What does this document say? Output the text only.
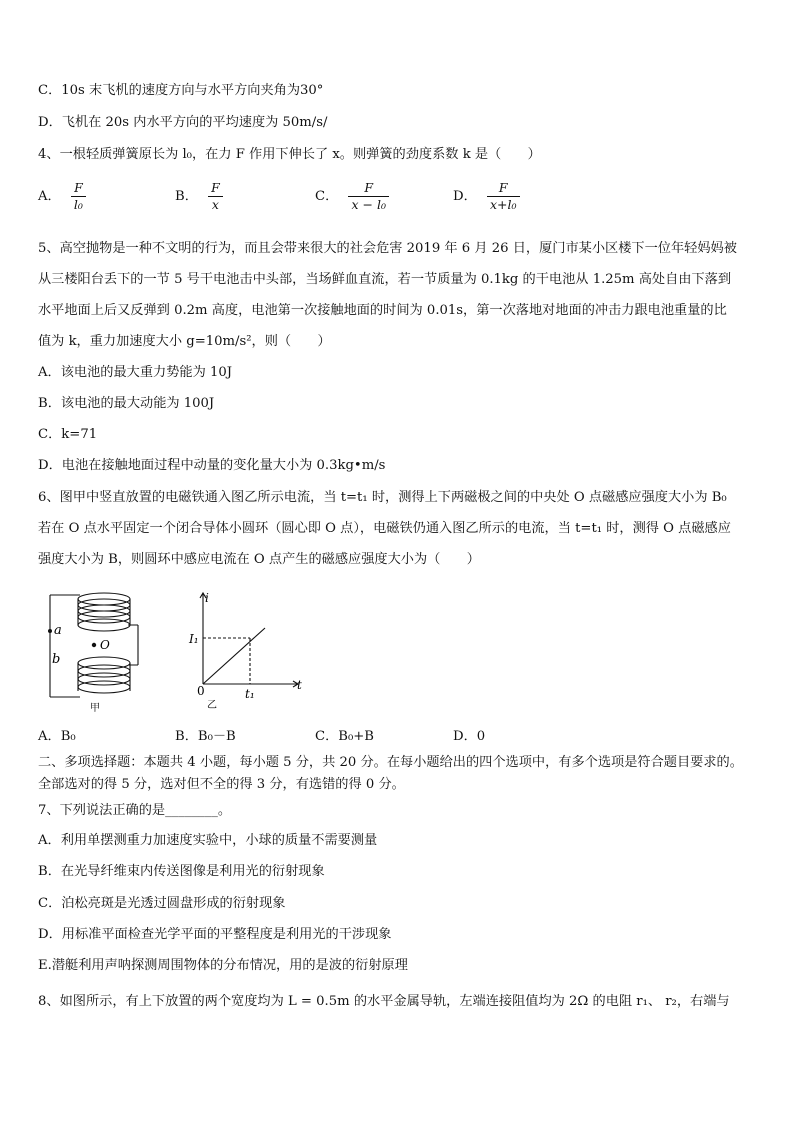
C．10s 末飞机的速度方向与水平方向夹角为30°
D．飞机在 20s 内水平方向的平均速度为 50m/s/
4、一根轻质弹簧原长为 l₀，在力 F 作用下伸长了 x。则弹簧的劲度系数 k 是（　　）
A． $\frac{F}{\text{l₀}}$	B． $\frac{F}{x}$	C． $\frac{F}{\text{x − l₀}}$	D． $\frac{F}{\text{x+l₀}}$
5、高空抛物是一种不文明的行为，而且会带来很大的社会危害 2019 年 6 月 26 日，厦门市某小区楼下一位年轻妈妈被
从三楼阳台丢下的一节 5 号干电池击中头部，当场鲜血直流，若一节质量为 0.1kg 的干电池从 1.25m 高处自由下落到
水平地面上后又反弹到 0.2m 高度，电池第一次接触地面的时间为 0.01s，第一次落地对地面的冲击力跟电池重量的比
值为 k，重力加速度大小 g=10m/s²，则（　　）
A．该电池的最大重力势能为 10J
B．该电池的最大动能为 100J
C．k=71
D．电池在接触地面过程中动量的变化量大小为 0.3kg•m/s
6、图甲中竖直放置的电磁铁通入图乙所示电流，当 t=t₁ 时，测得上下两磁极之间的中央处 O 点磁感应强度大小为 B₀
若在 O 点水平固定一个闭合导体小圆环（圆心即 O 点），电磁铁仍通入图乙所示的电流，当 t=t₁ 时，测得 O 点磁感应
强度大小为 B，则圆环中感应电流在 O 点产生的磁感应强度大小为（　　）
a
b
O
甲
i
t
I₁
t₁
0
乙
A．B₀	B．B₀－B	C．B₀+B	D．0
二、多项选择题：本题共 4 小题，每小题 5 分，共 20 分。在每小题给出的四个选项中，有多个选项是符合题目要求的。
全部选对的得 5 分，选对但不全的得 3 分，有选错的得 0 分。
7、下列说法正确的是________。
A．利用单摆测重力加速度实验中，小球的质量不需要测量
B．在光导纤维束内传送图像是利用光的衍射现象
C．泊松亮斑是光透过圆盘形成的衍射现象
D．用标准平面检查光学平面的平整程度是利用光的干涉现象
E.潜艇利用声呐探测周围物体的分布情况，用的是波的衍射原理
8、如图所示，有上下放置的两个宽度均为 L = 0.5m 的水平金属导轨，左端连接阻值均为 2Ω 的电阻 r₁、 r₂，右端与
